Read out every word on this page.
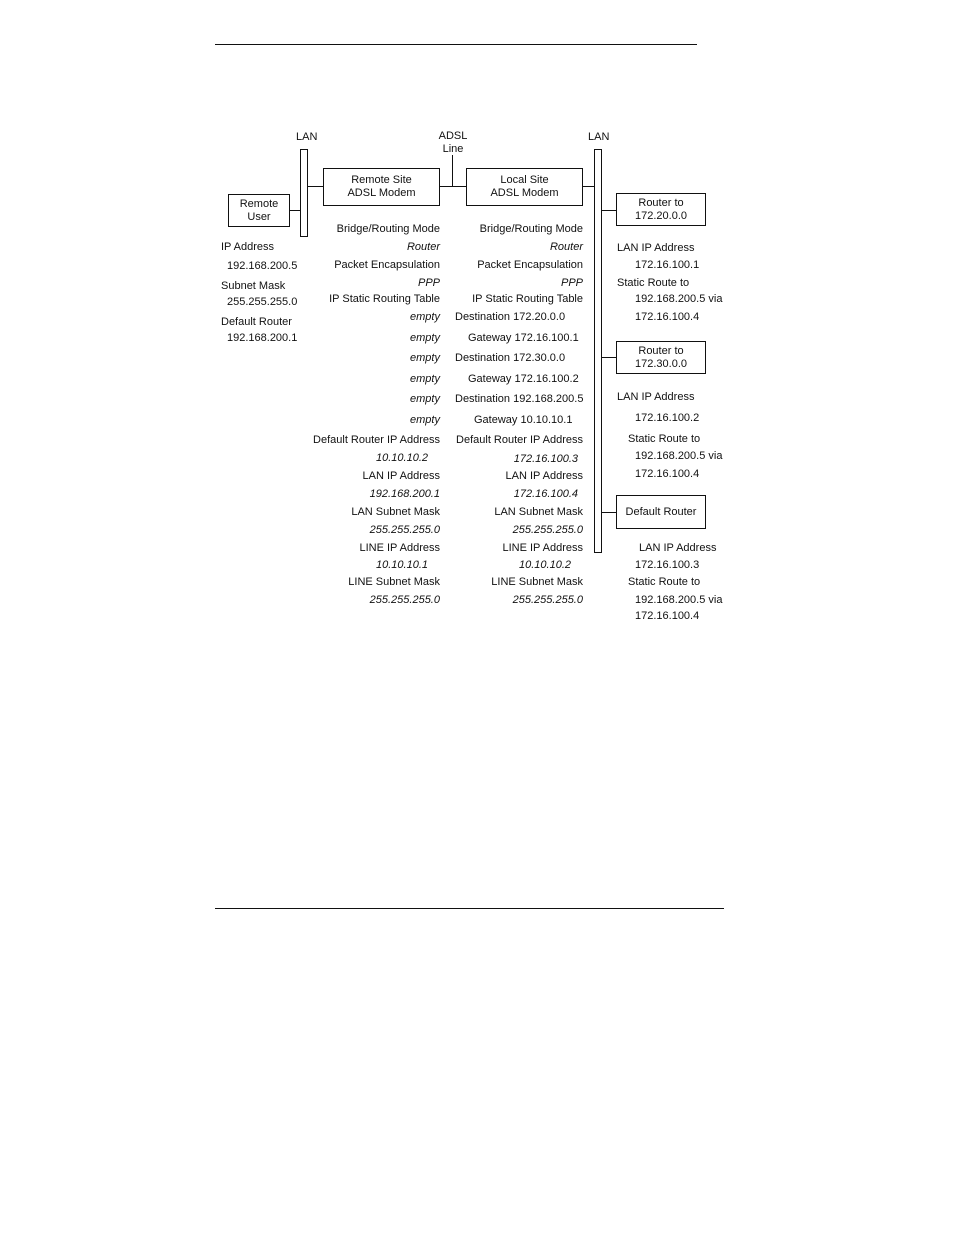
LAN	ADSL
Line
LAN
Remote
User
Remote Site
ADSL Modem
Local Site
ADSL Modem
Router to
172.20.0.0
Router to
172.30.0.0
Default Router
IP Address
192.168.200.5
Subnet Mask
255.255.255.0
Default Router
192.168.200.1
Bridge/Routing Mode
Router
Packet Encapsulation
PPP
IP Static Routing Table
empty
empty
empty
empty
empty
empty
Default Router IP Address
10.10.10.2
LAN IP Address
192.168.200.1
LAN Subnet Mask
255.255.255.0
LINE IP Address
10.10.10.1
LINE Subnet Mask
255.255.255.0
Bridge/Routing Mode
Router
Packet Encapsulation
PPP
IP Static Routing Table
Destination 172.20.0.0
Gateway 172.16.100.1
Destination 172.30.0.0
Gateway 172.16.100.2
Destination 192.168.200.5
Gateway 10.10.10.1
Default Router IP Address
172.16.100.3
LAN IP Address
172.16.100.4
LAN Subnet Mask
255.255.255.0
LINE IP Address
10.10.10.2
LINE Subnet Mask
255.255.255.0
LAN IP Address
172.16.100.1
Static Route to
192.168.200.5 via
172.16.100.4
LAN IP Address
172.16.100.2
Static Route to
192.168.200.5 via
172.16.100.4
LAN IP Address
172.16.100.3
Static Route to
192.168.200.5 via
172.16.100.4
